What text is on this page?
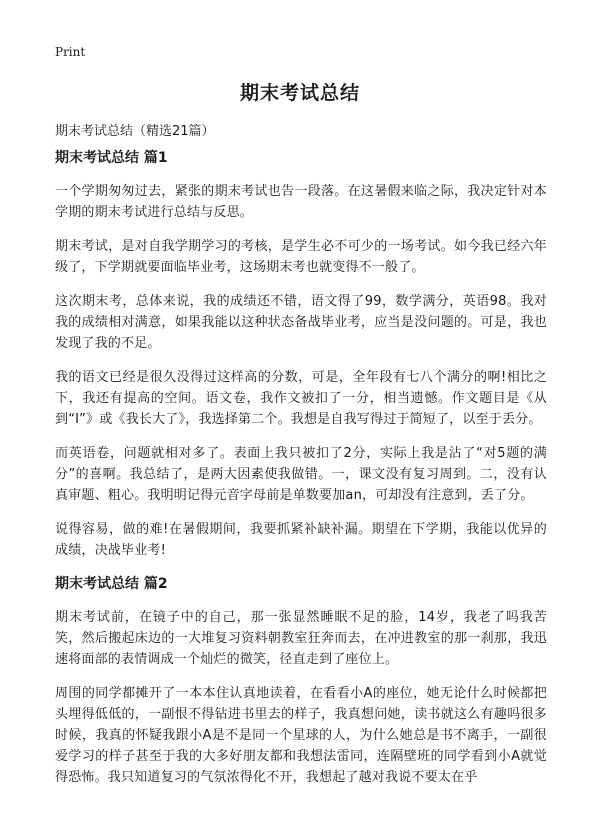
Print
期末考试总结
期末考试总结（精选21篇）
期末考试总结 篇1

一个学期匆匆过去，紧张的期末考试也告一段落。在这暑假来临之际，我决定针对本学期的期末考试进行总结与反思。

期末考试，是对自我学期学习的考核，是学生必不可少的一场考试。如今我已经六年级了，下学期就要面临毕业考，这场期末考也就变得不一般了。

这次期末考，总体来说，我的成绩还不错，语文得了99，数学满分，英语98。我对我的成绩相对满意，如果我能以这种状态备战毕业考，应当是没问题的。可是，我也发现了我的不足。

我的语文已经是很久没得过这样高的分数，可是，全年段有七八个满分的啊!相比之下，我还有提高的空间。语文卷，我作文被扣了一分，相当遗憾。作文题目是《从到“I”》或《我长大了》，我选择第二个。我想是自我写得过于简短了，以至于丢分。

而英语卷，问题就相对多了。表面上我只被扣了2分，实际上我是沾了“对5题的满分”的喜啊。我总结了，是两大因素使我做错。一，课文没有复习周到。二，没有认真审题、粗心。我明明记得元音字母前是单数要加an，可却没有注意到，丢了分。

说得容易，做的难!在暑假期间，我要抓紧补缺补漏。期望在下学期，我能以优异的成绩，决战毕业考!

期末考试总结 篇2

期末考试前，在镜子中的自己，那一张显然睡眠不足的脸，14岁，我老了吗我苦笑，然后搬起床边的一大堆复习资料朝教室狂奔而去，在冲进教室的那一刹那，我迅速将面部的表情调成一个灿烂的微笑，径直走到了座位上。

周围的同学都摊开了一本本住认真地读着，在看看小A的座位，她无论什么时候都把头埋得低低的，一副恨不得钻进书里去的样子，我真想问她，读书就这么有趣吗很多时候，我真的怀疑我跟小A是不是同一个星球的人，为什么她总是书不离手，一副很爱学习的样子甚至于我的大多好朋友都和我想法雷同，连隔壁班的同学看到小A就觉得恐怖。我只知道复习的气氛浓得化不开，我想起了越对我说不要太在乎
